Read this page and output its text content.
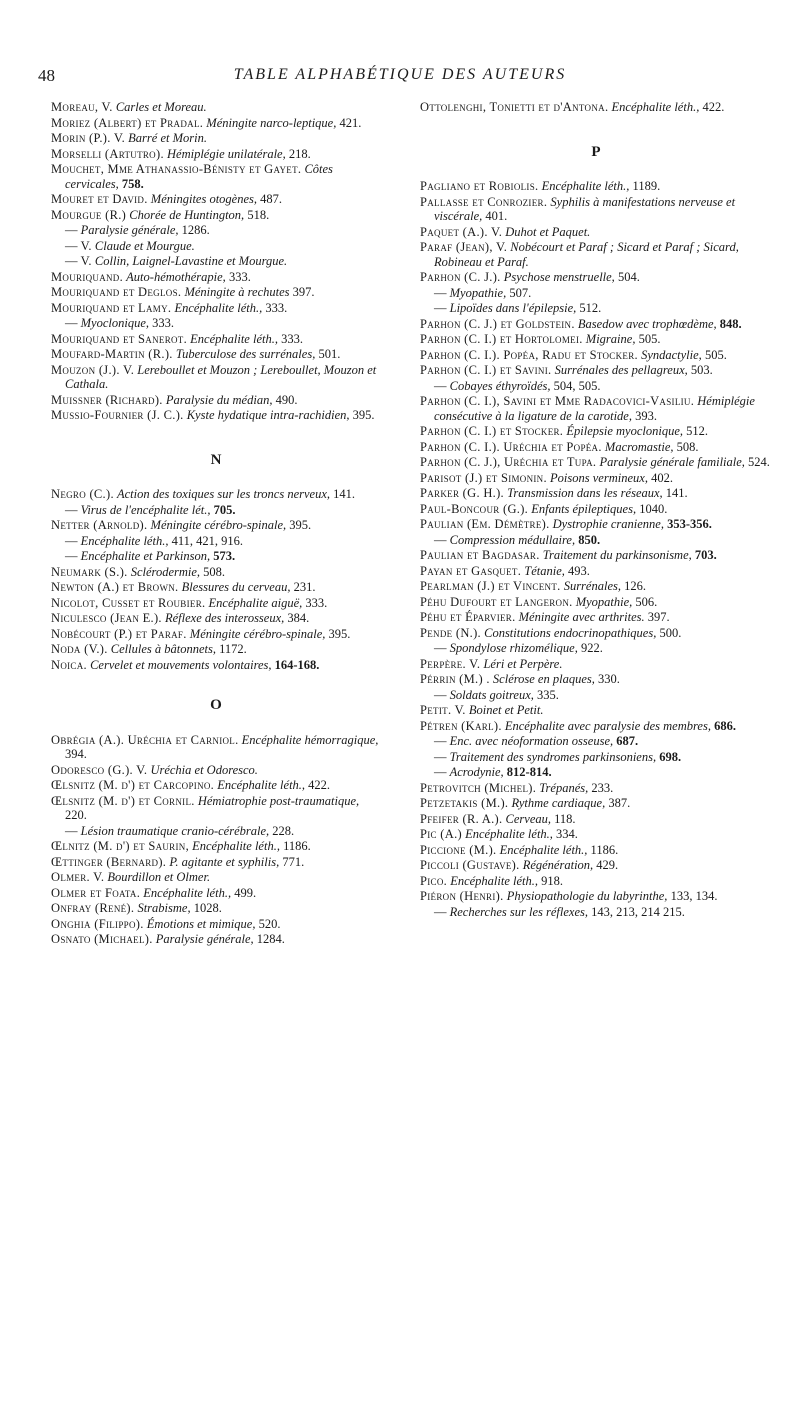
48	TABLE ALPHABÉTIQUE DES AUTEURS
Moreau, V. Carles et Moreau.
Moriez (Albert) et Pradal. Méningite narco-leptique, 421.
Morin (P.). V. Barré et Morin.
Morselli (Artutro). Hémiplégie unilatérale, 218.
Mouchet, Mme Athanassio-Bénisty et Gayet. Côtes cervicales, 758.
Mouret et David. Méningites otogènes, 487.
Mourgue (R.) Chorée de Huntington, 518.
— Paralysie générale, 1286.
— V. Claude et Mourgue.
— V. Collin, Laignel-Lavastine et Mourgue.
Mouriquand. Auto-hémothérapie, 333.
Mouriquand et Deglos. Méningite à rechutes 397.
Mouriquand et Lamy. Encéphalite léth., 333.
— Myoclonique, 333.
Mouriquand et Sanerot. Encéphalite léth., 333.
Moufard-Martin (R.). Tuberculose des surrénales, 501.
Mouzon (J.). V. Lereboullet et Mouzon ; Lereboullet, Mouzon et Cathala.
Muissner (Richard). Paralysie du médian, 490.
Mussio-Fournier (J. C.). Kyste hydatique intra-rachidien, 395.
N
Negro (C.). Action des toxiques sur les troncs nerveux, 141.
— Virus de l'encéphalite lét., 705.
Netter (Arnold). Méningite cérébro-spinale, 395.
— Encéphalite léth., 411, 421, 916.
— Encéphalite et Parkinson, 573.
Neumark (S.). Sclérodermie, 508.
Newton (A.) et Brown. Blessures du cerveau, 231.
Nicolot, Cusset et Roubier. Encéphalite aiguë, 333.
Niculesco (Jean E.). Réflexe des interosseux, 384.
Nobécourt (P.) et Paraf. Méningite cérébro-spinale, 395.
Noda (V.). Cellules à bâtonnets, 1172.
Noica. Cervelet et mouvements volontaires, 164-168.
O
Obrégia (A.). Uréchia et Carniol. Encéphalite hémorragique, 394.
Odoresco (G.). V. Uréchia et Odoresco.
Œlsnitz (M. d') et Carcopino. Encéphalite léth., 422.
Œlsnitz (M. d') et Cornil. Hémiatrophie post-traumatique, 220.
— Lésion traumatique cranio-cérébrale, 228.
Œlnitz (M. d') et Saurin, Encéphalite léth., 1186.
Œttinger (Bernard). P. agitante et syphilis, 771.
Olmer. V. Bourdillon et Olmer.
Olmer et Foata. Encéphalite léth., 499.
Onfray (René). Strabisme, 1028.
Onghia (Filippo). Émotions et mimique, 520.
Osnato (Michael). Paralysie générale, 1284.
Ottolenghi, Tonietti et d'Antona. Encéphalite léth., 422.
P
Pagliano et Robiolis. Encéphalite léth., 1189.
Pallasse et Conrozier. Syphilis à manifestations nerveuse et viscérale, 401.
Paquet (A.). V. Duhot et Paquet.
Paraf (Jean), V. Nobécourt et Paraf ; Sicard et Paraf ; Sicard, Robineau et Paraf.
Parhon (C. J.). Psychose menstruelle, 504.
— Myopathie, 507.
— Lipoïdes dans l'épilepsie, 512.
Parhon (C. J.) et Goldstein. Basedow avec trophœdème, 848.
Parhon (C. I.) et Hortolomei. Migraine, 505.
Parhon (C. I.). Popéa, Radu et Stocker. Syndactylie, 505.
Parhon (C. I.) et Savini. Surrénales des pellagreux, 503.
— Cobayes éthyroïdés, 504, 505.
Parhon (C. I.), Savini et Mme Radacovici-Vasiliu. Hémiplégie consécutive à la ligature de la carotide, 393.
Parhon (C. I.) et Stocker. Épilepsie myoclonique, 512.
Parhon (C. I.). Uréchia et Popéa. Macromastie, 508.
Parhon (C. J.), Uréchia et Tupa. Paralysie générale familiale, 524.
Parisot (J.) et Simonin. Poisons vermineux, 402.
Parker (G. H.). Transmission dans les réseaux, 141.
Paul-Boncour (G.). Enfants épileptiques, 1040.
Paulian (Em. Démètre). Dystrophie cranienne, 353-356.
— Compression médullaire, 850.
Paulian et Bagdasar. Traitement du parkinsonisme, 703.
Payan et Gasquet. Tétanie, 493.
Pearlman (J.) et Vincent. Surrénales, 126.
Péhu Dufourt et Langeron. Myopathie, 506.
Péhu et Éparvier. Méningite avec arthrites. 397.
Pende (N.). Constitutions endocrinopathiques, 500.
— Spondylose rhizomélique, 922.
Perpère. V. Léri et Perpère.
Pérrin (M.) . Sclérose en plaques, 330.
— Soldats goitreux, 335.
Petit. V. Boinet et Petit.
Pétren (Karl). Encéphalite avec paralysie des membres, 686.
— Enc. avec néoformation osseuse, 687.
— Traitement des syndromes parkinsoniens, 698.
— Acrodynie, 812-814.
Petrovitch (Michel). Trépanés, 233.
Petzetakis (M.). Rythme cardiaque, 387.
Pfeifer (R. A.). Cerveau, 118.
Pic (A.) Encéphalite léth., 334.
Piccione (M.). Encéphalite léth., 1186.
Piccoli (Gustave). Régénération, 429.
Pico. Encéphalite léth., 918.
Piéron (Henri). Physiopathologie du labyrinthe, 133, 134.
— Recherches sur les réflexes, 143, 213, 214 215.
